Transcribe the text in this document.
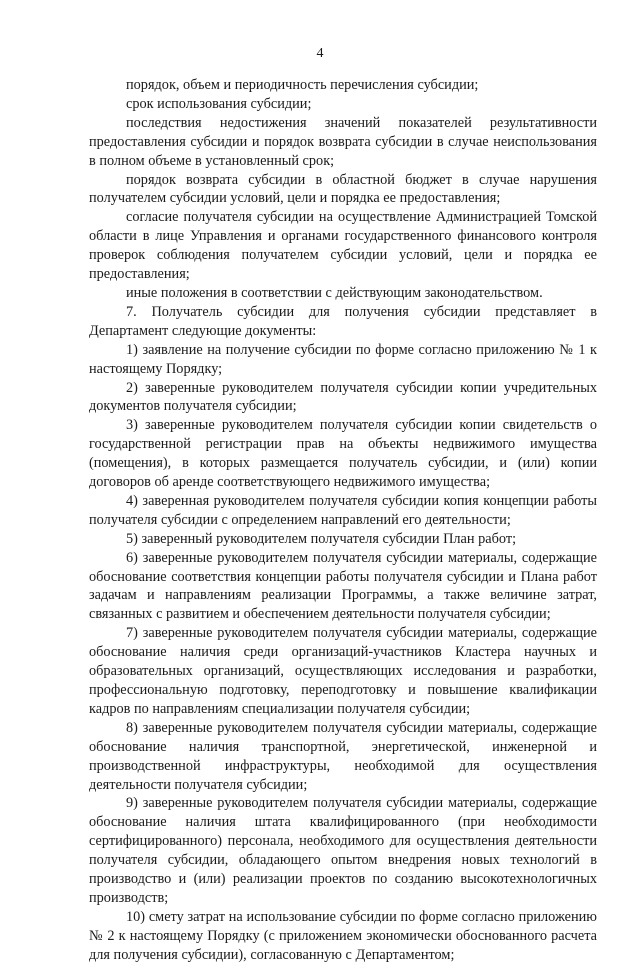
4

порядок, объем и периодичность перечисления субсидии;

срок использования субсидии;

последствия недостижения значений показателей результативности предоставления субсидии и порядок возврата субсидии в случае неиспользования в полном объеме в установленный срок;

порядок возврата субсидии в областной бюджет в случае нарушения получателем субсидии условий, цели и порядка ее предоставления;

согласие получателя субсидии на осуществление Администрацией Томской области в лице Управления и органами государственного финансового контроля проверок соблюдения получателем субсидии условий, цели и порядка ее предоставления;

иные положения в соответствии с действующим законодательством.

7. Получатель субсидии для получения субсидии представляет в Департамент следующие документы:

1) заявление на получение субсидии по форме согласно приложению № 1 к настоящему Порядку;

2) заверенные руководителем получателя субсидии копии учредительных документов получателя субсидии;

3) заверенные руководителем получателя субсидии копии свидетельств о государственной регистрации прав на объекты недвижимого имущества (помещения), в которых размещается получатель субсидии, и (или) копии договоров об аренде соответствующего недвижимого имущества;

4) заверенная руководителем получателя субсидии копия концепции работы получателя субсидии с определением направлений его деятельности;

5) заверенный руководителем получателя субсидии План работ;

6) заверенные руководителем получателя субсидии материалы, содержащие обоснование соответствия концепции работы получателя субсидии и Плана работ задачам и направлениям реализации Программы, а также величине затрат, связанных с развитием и обеспечением деятельности получателя субсидии;

7) заверенные руководителем получателя субсидии материалы, содержащие обоснование наличия среди организаций-участников Кластера научных и образовательных организаций, осуществляющих исследования и разработки, профессиональную подготовку, переподготовку и повышение квалификации кадров по направлениям специализации получателя субсидии;

8) заверенные руководителем получателя субсидии материалы, содержащие обоснование наличия транспортной, энергетической, инженерной и производственной инфраструктуры, необходимой для осуществления деятельности получателя субсидии;

9) заверенные руководителем получателя субсидии материалы, содержащие обоснование наличия штата квалифицированного (при необходимости сертифицированного) персонала, необходимого для осуществления деятельности получателя субсидии, обладающего опытом внедрения новых технологий в производство и (или) реализации проектов по созданию высокотехнологичных производств;

10) смету затрат на использование субсидии по форме согласно приложению № 2 к настоящему Порядку (с приложением экономически обоснованного расчета для получения субсидии), согласованную с Департаментом;
